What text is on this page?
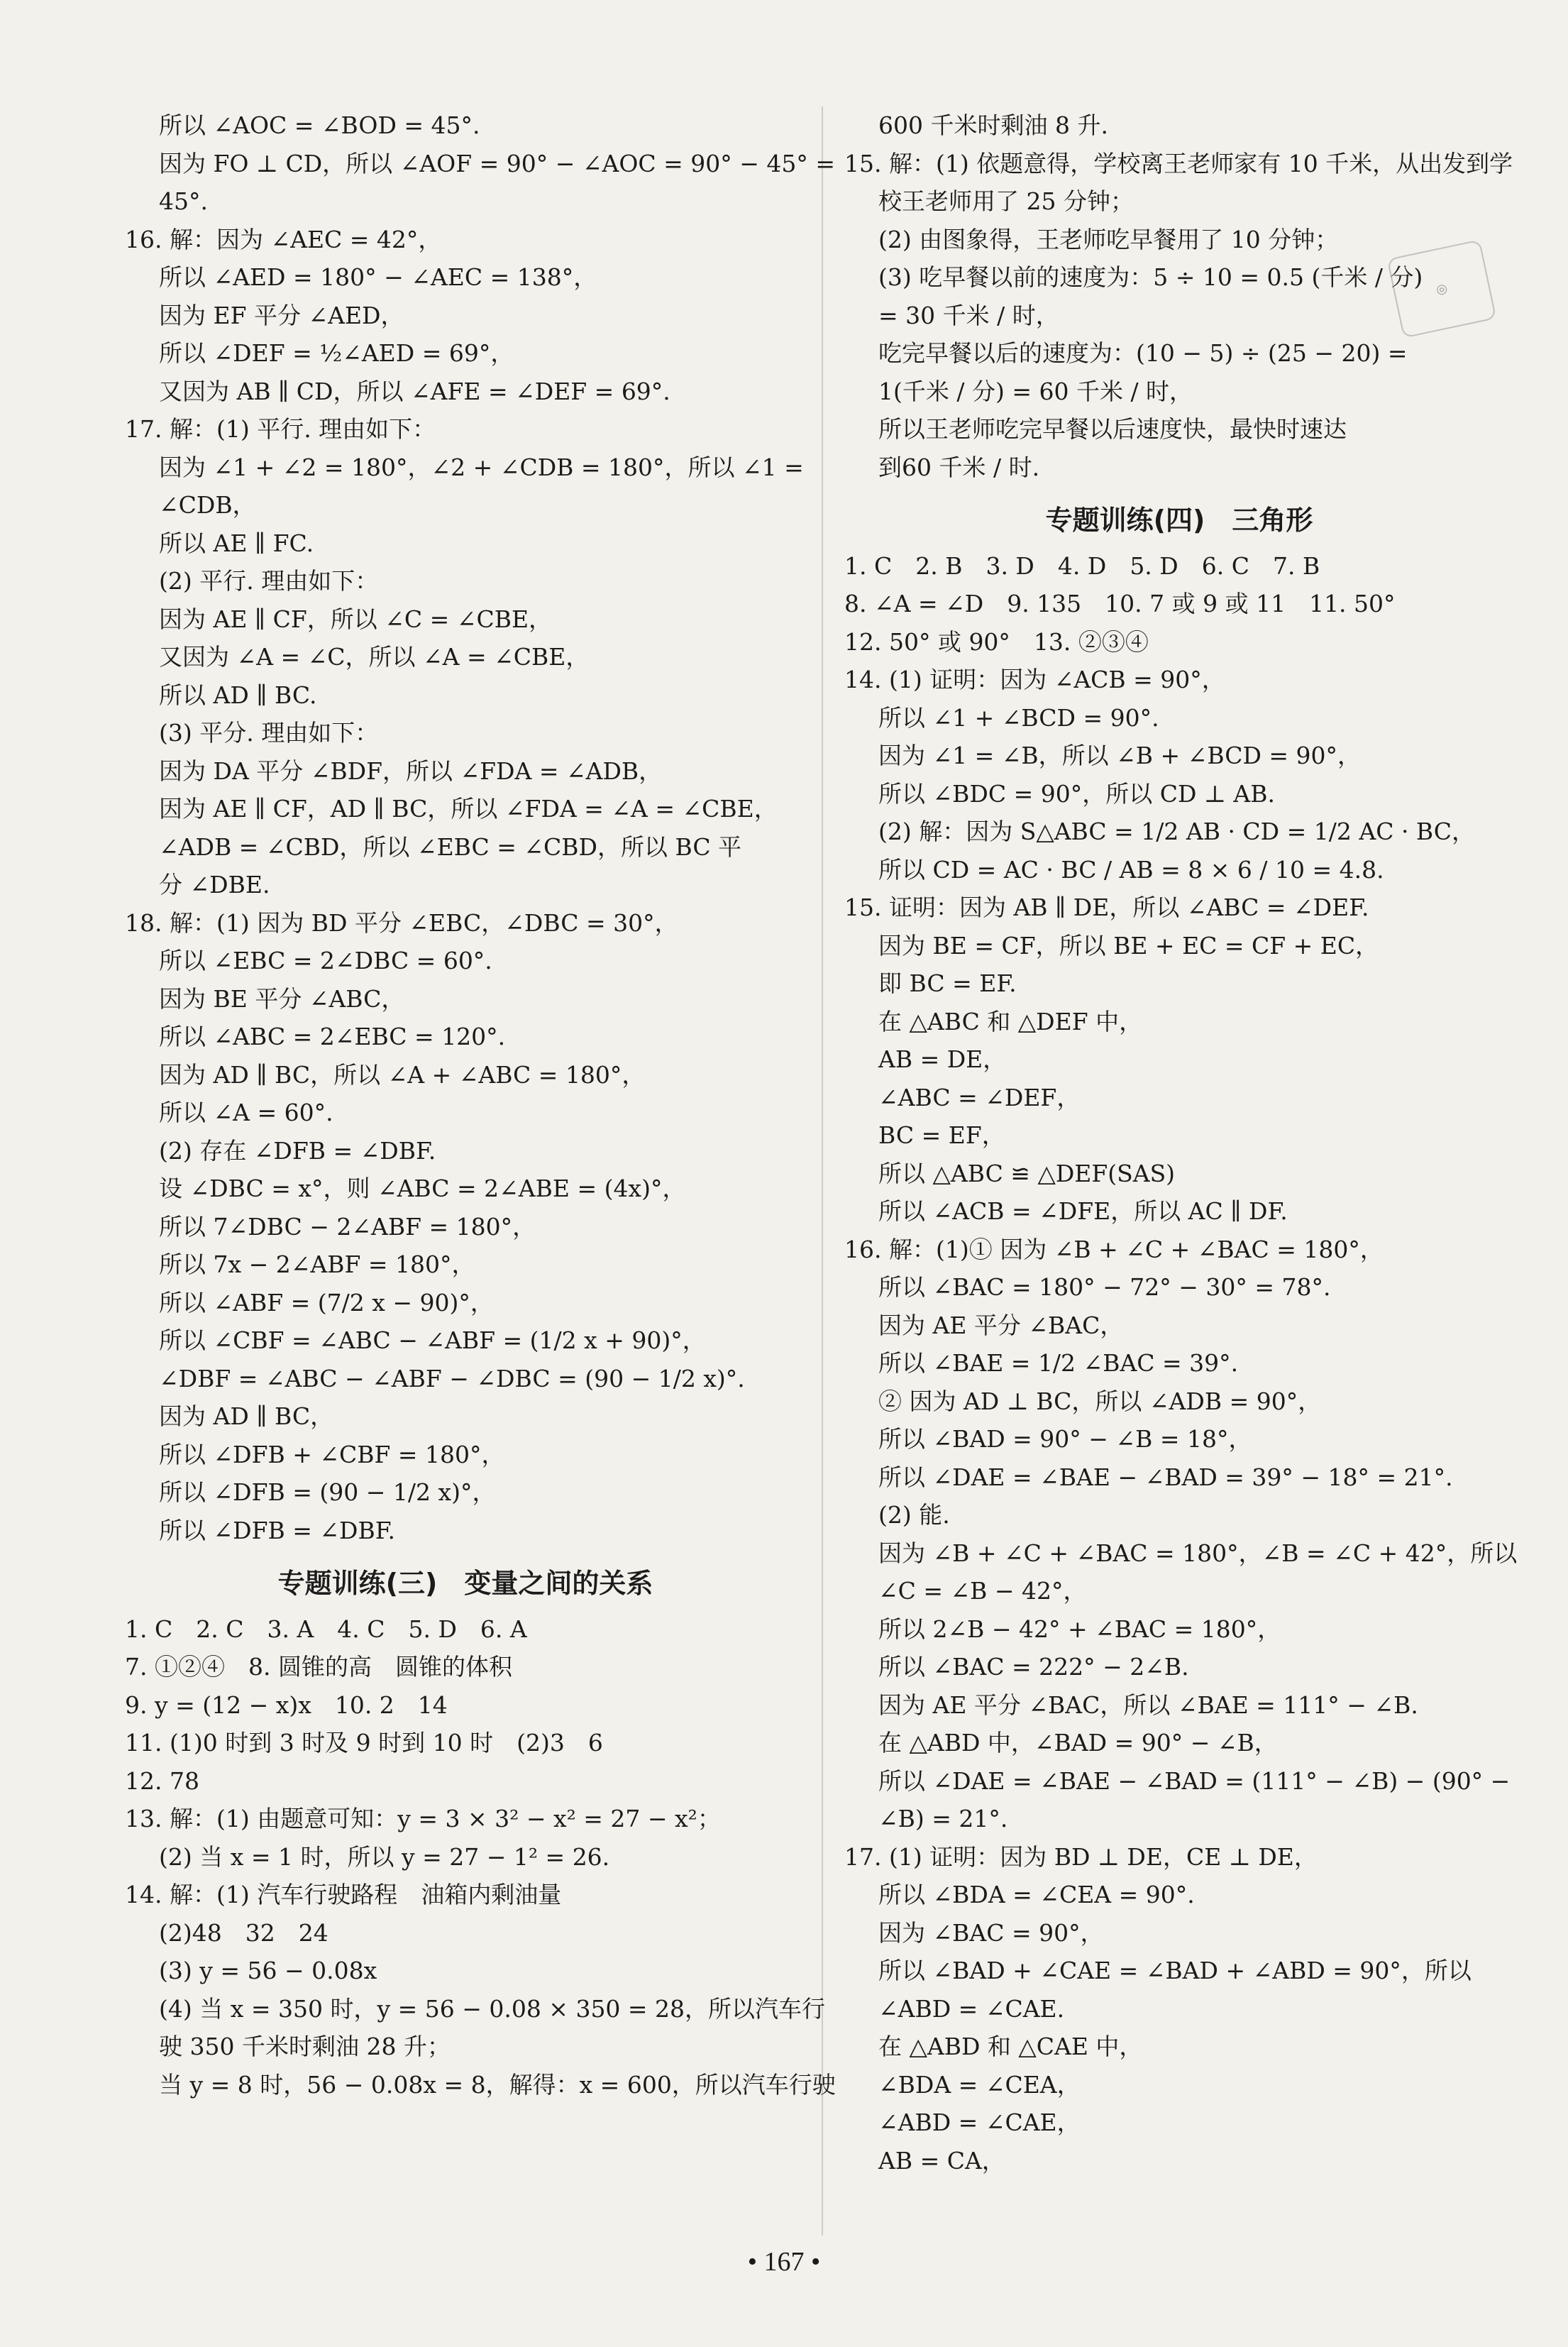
◎
所以 ∠AOC = ∠BOD = 45°.
因为 FO ⊥ CD，所以 ∠AOF = 90° − ∠AOC = 90° − 45° =
45°.
16. 解：因为 ∠AEC = 42°，
所以 ∠AED = 180° − ∠AEC = 138°，
因为 EF 平分 ∠AED，
所以 ∠DEF = ½∠AED = 69°，
又因为 AB ∥ CD，所以 ∠AFE = ∠DEF = 69°.
17. 解：(1) 平行. 理由如下：
因为 ∠1 + ∠2 = 180°，∠2 + ∠CDB = 180°，所以 ∠1 =
∠CDB，
所以 AE ∥ FC.
(2) 平行. 理由如下：
因为 AE ∥ CF，所以 ∠C = ∠CBE，
又因为 ∠A = ∠C，所以 ∠A = ∠CBE，
所以 AD ∥ BC.
(3) 平分. 理由如下：
因为 DA 平分 ∠BDF，所以 ∠FDA = ∠ADB，
因为 AE ∥ CF，AD ∥ BC，所以 ∠FDA = ∠A = ∠CBE，
∠ADB = ∠CBD，所以 ∠EBC = ∠CBD，所以 BC 平
分 ∠DBE.
18. 解：(1) 因为 BD 平分 ∠EBC，∠DBC = 30°，
所以 ∠EBC = 2∠DBC = 60°.
因为 BE 平分 ∠ABC，
所以 ∠ABC = 2∠EBC = 120°.
因为 AD ∥ BC，所以 ∠A + ∠ABC = 180°，
所以 ∠A = 60°.
(2) 存在 ∠DFB = ∠DBF.
设 ∠DBC = x°，则 ∠ABC = 2∠ABE = (4x)°，
所以 7∠DBC − 2∠ABF = 180°，
所以 7x − 2∠ABF = 180°，
所以 ∠ABF = (7/2 x − 90)°，
所以 ∠CBF = ∠ABC − ∠ABF = (1/2 x + 90)°，
∠DBF = ∠ABC − ∠ABF − ∠DBC = (90 − 1/2 x)°.
因为 AD ∥ BC，
所以 ∠DFB + ∠CBF = 180°，
所以 ∠DFB = (90 − 1/2 x)°，
所以 ∠DFB = ∠DBF.
专题训练(三)　变量之间的关系
1. C　2. C　3. A　4. C　5. D　6. A
7. ①②④　8. 圆锥的高　圆锥的体积
9. y = (12 − x)x　10. 2　14
11. (1)0 时到 3 时及 9 时到 10 时　(2)3　6
12. 78
13. 解：(1) 由题意可知：y = 3 × 3² − x² = 27 − x²；
(2) 当 x = 1 时，所以 y = 27 − 1² = 26.
14. 解：(1) 汽车行驶路程　油箱内剩油量
(2)48　32　24
(3) y = 56 − 0.08x
(4) 当 x = 350 时，y = 56 − 0.08 × 350 = 28，所以汽车行
驶 350 千米时剩油 28 升；
当 y = 8 时，56 − 0.08x = 8，解得：x = 600，所以汽车行驶
600 千米时剩油 8 升.
15. 解：(1) 依题意得，学校离王老师家有 10 千米，从出发到学
校王老师用了 25 分钟；
(2) 由图象得，王老师吃早餐用了 10 分钟；
(3) 吃早餐以前的速度为：5 ÷ 10 = 0.5 (千米 / 分)
= 30 千米 / 时，
吃完早餐以后的速度为：(10 − 5) ÷ (25 − 20) =
1(千米 / 分) = 60 千米 / 时，
所以王老师吃完早餐以后速度快，最快时速达
到60 千米 / 时.
专题训练(四)　三角形
1. C　2. B　3. D　4. D　5. D　6. C　7. B
8. ∠A = ∠D　9. 135　10. 7 或 9 或 11　11. 50°
12. 50° 或 90°　13. ②③④
14. (1) 证明：因为 ∠ACB = 90°，
所以 ∠1 + ∠BCD = 90°.
因为 ∠1 = ∠B，所以 ∠B + ∠BCD = 90°，
所以 ∠BDC = 90°，所以 CD ⊥ AB.
(2) 解：因为 S△ABC = 1/2 AB · CD = 1/2 AC · BC，
所以 CD = AC · BC / AB = 8 × 6 / 10 = 4.8.
15. 证明：因为 AB ∥ DE，所以 ∠ABC = ∠DEF.
因为 BE = CF，所以 BE + EC = CF + EC，
即 BC = EF.
在 △ABC 和 △DEF 中，
AB = DE，
∠ABC = ∠DEF，
BC = EF，
所以 △ABC ≌ △DEF(SAS)
所以 ∠ACB = ∠DFE，所以 AC ∥ DF.
16. 解：(1)① 因为 ∠B + ∠C + ∠BAC = 180°，
所以 ∠BAC = 180° − 72° − 30° = 78°.
因为 AE 平分 ∠BAC，
所以 ∠BAE = 1/2 ∠BAC = 39°.
② 因为 AD ⊥ BC，所以 ∠ADB = 90°，
所以 ∠BAD = 90° − ∠B = 18°，
所以 ∠DAE = ∠BAE − ∠BAD = 39° − 18° = 21°.
(2) 能.
因为 ∠B + ∠C + ∠BAC = 180°，∠B = ∠C + 42°，所以
∠C = ∠B − 42°，
所以 2∠B − 42° + ∠BAC = 180°，
所以 ∠BAC = 222° − 2∠B.
因为 AE 平分 ∠BAC，所以 ∠BAE = 111° − ∠B.
在 △ABD 中，∠BAD = 90° − ∠B，
所以 ∠DAE = ∠BAE − ∠BAD = (111° − ∠B) − (90° −
∠B) = 21°.
17. (1) 证明：因为 BD ⊥ DE，CE ⊥ DE，
所以 ∠BDA = ∠CEA = 90°.
因为 ∠BAC = 90°，
所以 ∠BAD + ∠CAE = ∠BAD + ∠ABD = 90°，所以
∠ABD = ∠CAE.
在 △ABD 和 △CAE 中，
∠BDA = ∠CEA，
∠ABD = ∠CAE，
AB = CA，
• 167 •
